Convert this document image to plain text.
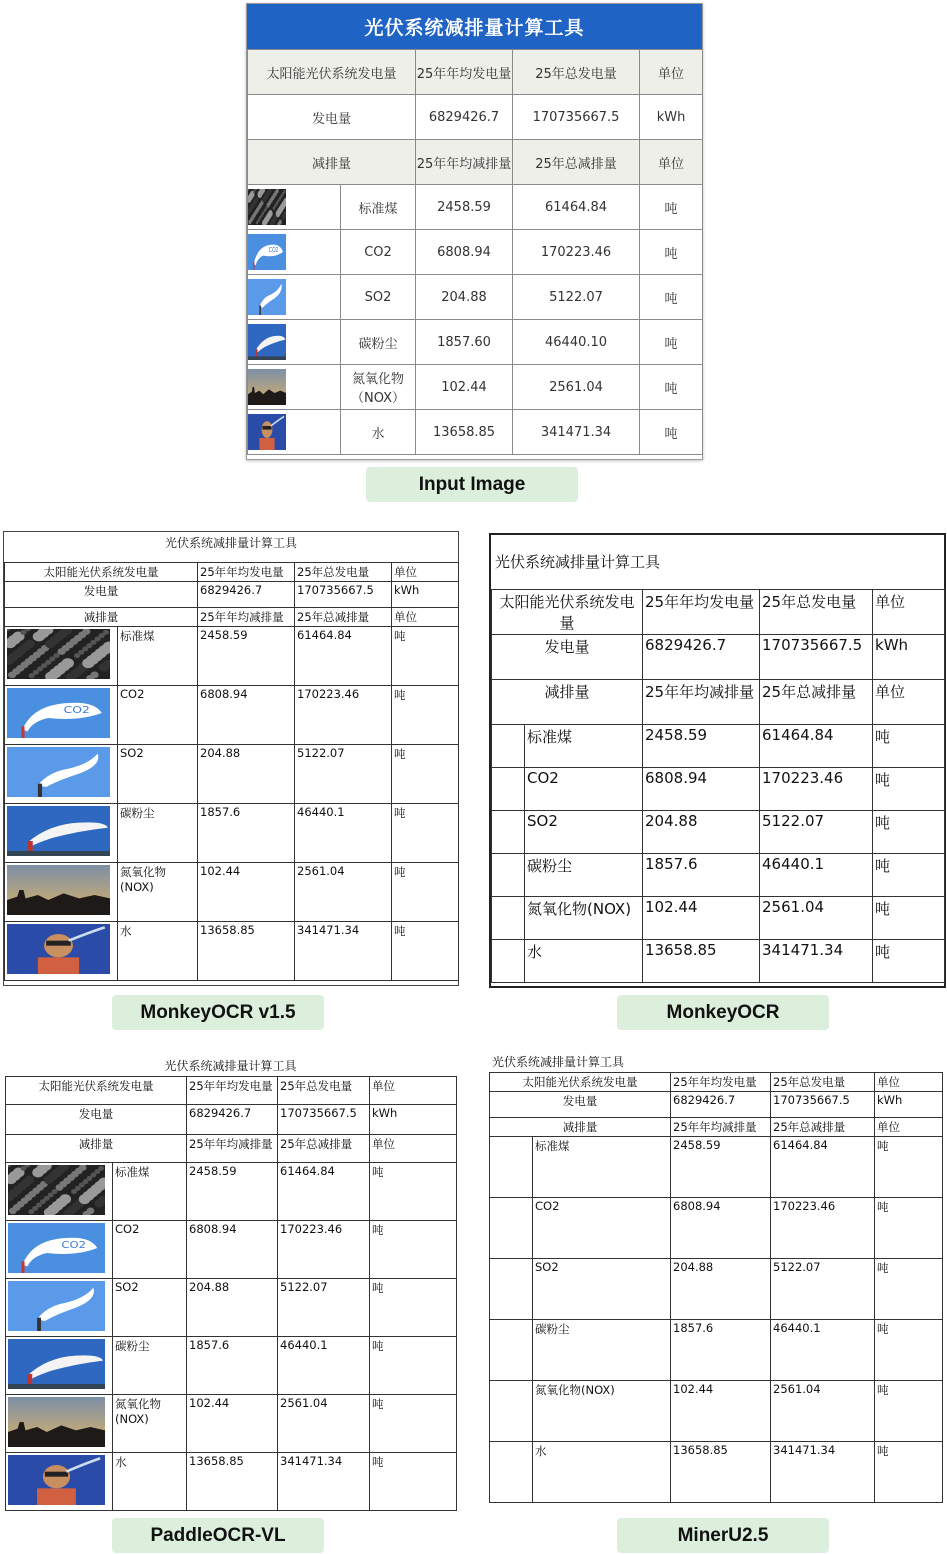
光伏系统减排量计算工具
太阳能光伏系统发电量		25年年均发电量	25年总发电量	单位
发电量		6829426.7	170735667.5	kWh
减排量		25年年均减排量	25年总减排量	单位

	标准煤	2458.59	61464.84	吨

CO2	CO2	6808.94	170223.46	吨

	SO2	204.88	5122.07	吨

	碳粉尘	1857.60	46440.10	吨

	氮氧化物（NOX）	102.44	2561.04	吨

	水	13658.85	341471.34	吨
Input Image
光伏系统减排量计算工具
太阳能光伏系统发电量		25年年均发电量	25年总发电量	单位
发电量		6829426.7	170735667.5	kWh
减排量		25年年均减排量	25年总减排量	单位

	标准煤	2458.59	61464.84	吨

CO2	CO2	6808.94	170223.46	吨

	SO2	204.88	5122.07	吨

	碳粉尘	1857.6	46440.1	吨

	氮氧化物(NOX)	102.44	2561.04	吨

	水	13658.85	341471.34	吨
MonkeyOCR v1.5
光伏系统减排量计算工具
太阳能光伏系统发电量		25年年均发电量	25年总发电量	单位
发电量		6829426.7	170735667.5	kWh
减排量		25年年均减排量	25年总减排量	单位
	标准煤	2458.59	61464.84	吨
	CO2	6808.94	170223.46	吨
	SO2	204.88	5122.07	吨
	碳粉尘	1857.6	46440.1	吨
	氮氧化物(NOX)	102.44	2561.04	吨
	水	13658.85	341471.34	吨
MonkeyOCR
光伏系统减排量计算工具
太阳能光伏系统发电量		25年年均发电量	25年总发电量	单位
发电量		6829426.7	170735667.5	kWh
减排量		25年年均减排量	25年总减排量	单位

	标准煤	2458.59	61464.84	吨

CO2	CO2	6808.94	170223.46	吨

	SO2	204.88	5122.07	吨

	碳粉尘	1857.6	46440.1	吨

	氮氧化物(NOX)	102.44	2561.04	吨

	水	13658.85	341471.34	吨
PaddleOCR-VL
光伏系统减排量计算工具
太阳能光伏系统发电量		25年年均发电量	25年总发电量	单位
发电量		6829426.7	170735667.5	kWh
减排量		25年年均减排量	25年总减排量	单位
	标准煤	2458.59	61464.84	吨
	CO2	6808.94	170223.46	吨
	SO2	204.88	5122.07	吨
	碳粉尘	1857.6	46440.1	吨
	氮氧化物(NOX)	102.44	2561.04	吨
	水	13658.85	341471.34	吨
MinerU2.5
